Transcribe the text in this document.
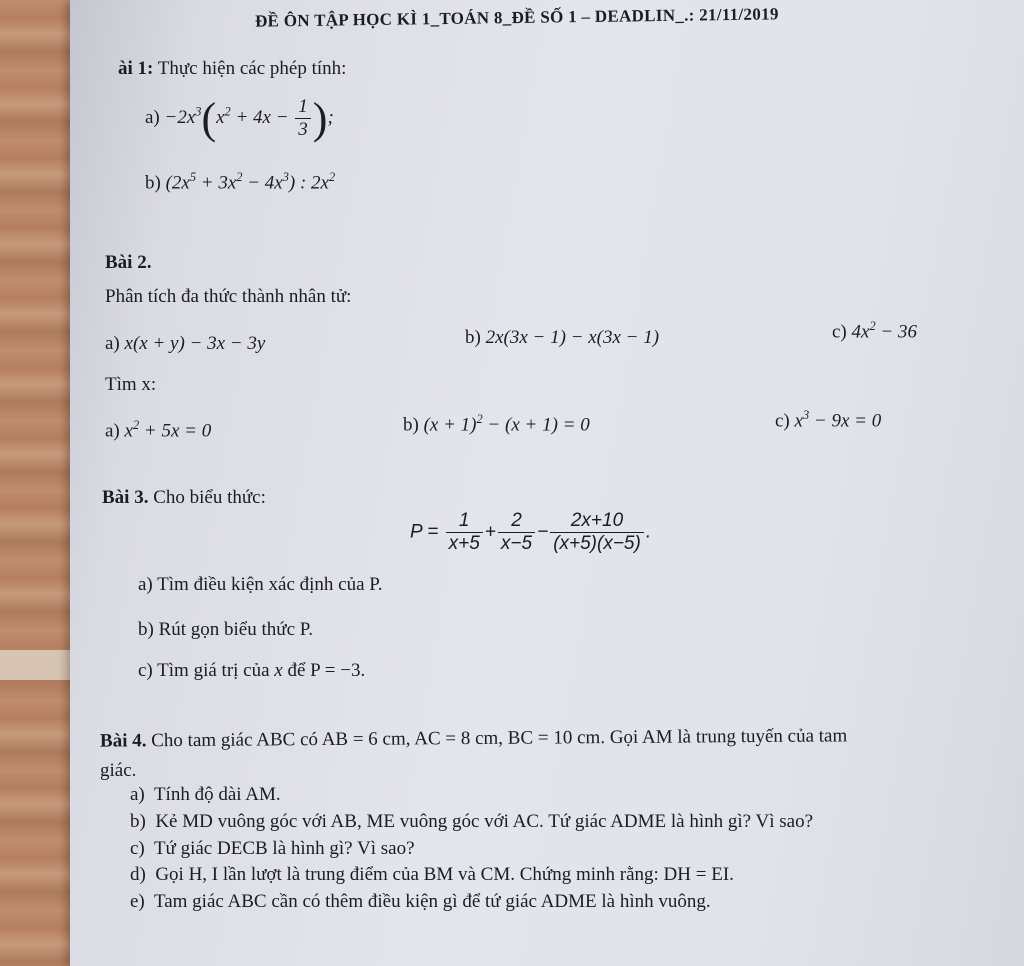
ĐỀ ÔN TẬP HỌC KÌ 1_TOÁN 8_ĐỀ SỐ 1 – DEADLIN_.: 21/11/2019
ài 1: Thực hiện các phép tính:
$a) -2x^3(x^2 + 4x - \frac{1}{3}$ );
b) $(2x^5 + 3x^2 - 4x^3)$ : $2x^2$
Bài 2.
Phân tích đa thức thành nhân tử:
a) x(x + y) − 3x − 3y	b) 2x(3x − 1) − x(3x − 1)	c) $4x^2 - 36$
Tìm x:
a) $x^2 + 5x = 0$	b) $(x + 1)^2 - (x + 1) = 0$	c) $x^3 - 9x = 0$
Bài 3. Cho biểu thức:
$P = \frac{1}{x+5} + \frac{2}{x-5} - \frac{2x+10}{(x+5)(x-5)}$ .
a) Tìm điều kiện xác định của P.
b) Rút gọn biểu thức P.
c) Tìm giá trị của x để P = −3.
Bài 4. Cho tam giác ABC có AB = 6 cm, AC = 8 cm, BC = 10 cm. Gọi AM là trung tuyến của tam
giác.
a) Tính độ dài AM.
b) Kẻ MD vuông góc với AB, ME vuông góc với AC. Tứ giác ADME là hình gì? Vì sao?
c) Tứ giác DECB là hình gì? Vì sao?
d) Gọi H, I lần lượt là trung điểm của BM và CM. Chứng minh rằng: DH = EI.
e) Tam giác ABC cần có thêm điều kiện gì để tứ giác ADME là hình vuông.
